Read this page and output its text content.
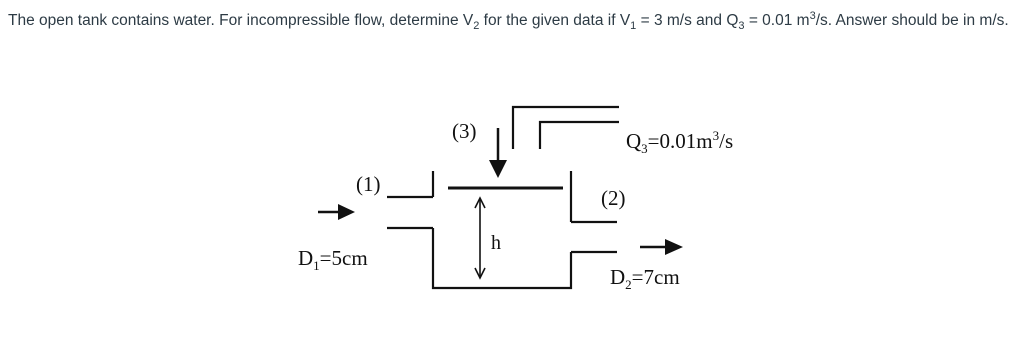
The open tank contains water. For incompressible flow, determine $V_2$ for the given data if $V_1 = 3$ m/s and $Q_3 = 0.01$ $m^3/s$. Answer should be in m/s.
(3)	$Q_3=0.01m^3/s$
(1)
(2)
h
$D_1=5cm$
$D_2=7cm$
